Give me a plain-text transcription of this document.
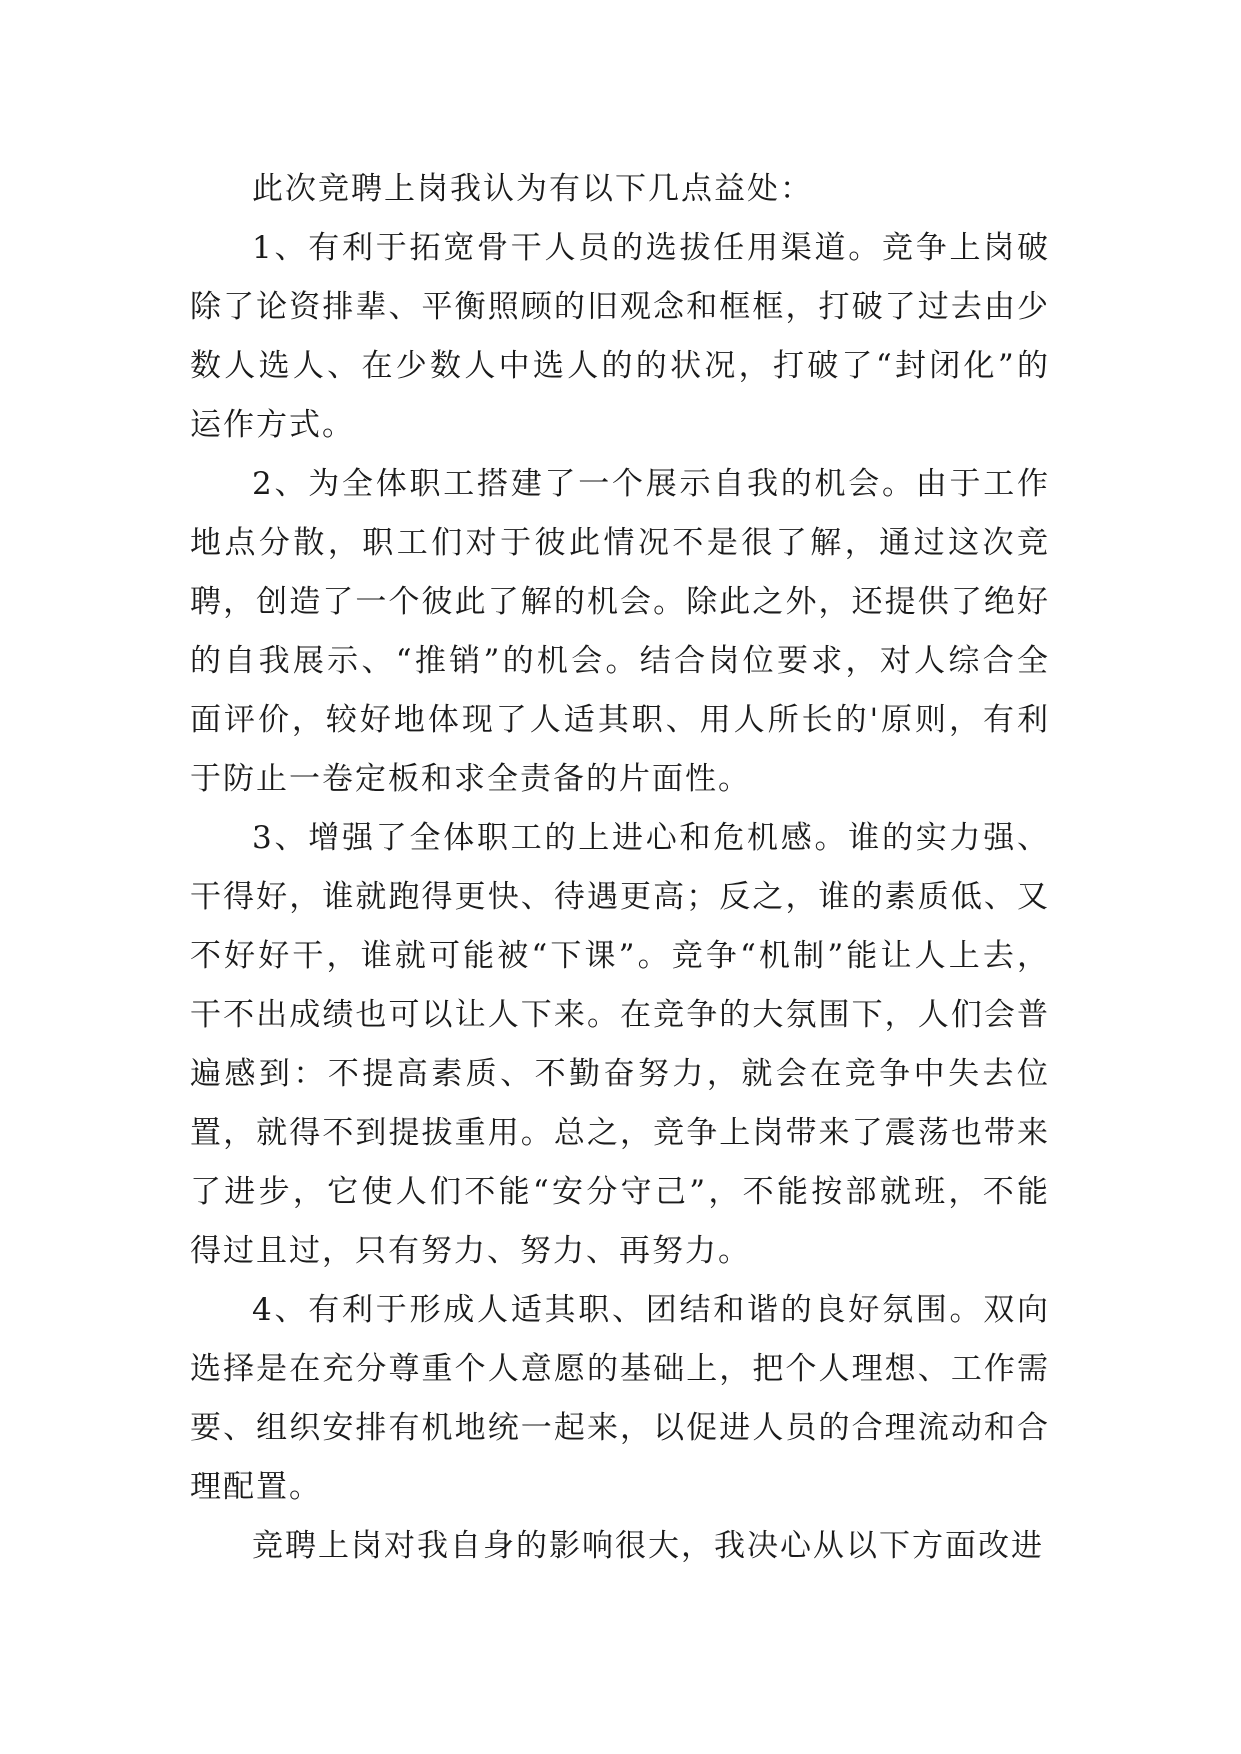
此次竞聘上岗我认为有以下几点益处：

1、有利于拓宽骨干人员的选拔任用渠道。竞争上岗破除了论资排辈、平衡照顾的旧观念和框框，打破了过去由少数人选人、在少数人中选人的的状况，打破了“封闭化”的运作方式。

2、为全体职工搭建了一个展示自我的机会。由于工作地点分散，职工们对于彼此情况不是很了解，通过这次竞聘，创造了一个彼此了解的机会。除此之外，还提供了绝好的自我展示、“推销”的机会。结合岗位要求，对人综合全面评价，较好地体现了人适其职、用人所长的'原则，有利于防止一卷定板和求全责备的片面性。

3、增强了全体职工的上进心和危机感。谁的实力强、干得好，谁就跑得更快、待遇更高；反之，谁的素质低、又不好好干，谁就可能被“下课”。竞争“机制”能让人上去，干不出成绩也可以让人下来。在竞争的大氛围下，人们会普遍感到：不提高素质、不勤奋努力，就会在竞争中失去位置，就得不到提拔重用。总之，竞争上岗带来了震荡也带来了进步，它使人们不能“安分守己”，不能按部就班，不能得过且过，只有努力、努力、再努力。

4、有利于形成人适其职、团结和谐的良好氛围。双向选择是在充分尊重个人意愿的基础上，把个人理想、工作需要、组织安排有机地统一起来，以促进人员的合理流动和合理配置。

竞聘上岗对我自身的影响很大，我决心从以下方面改进
